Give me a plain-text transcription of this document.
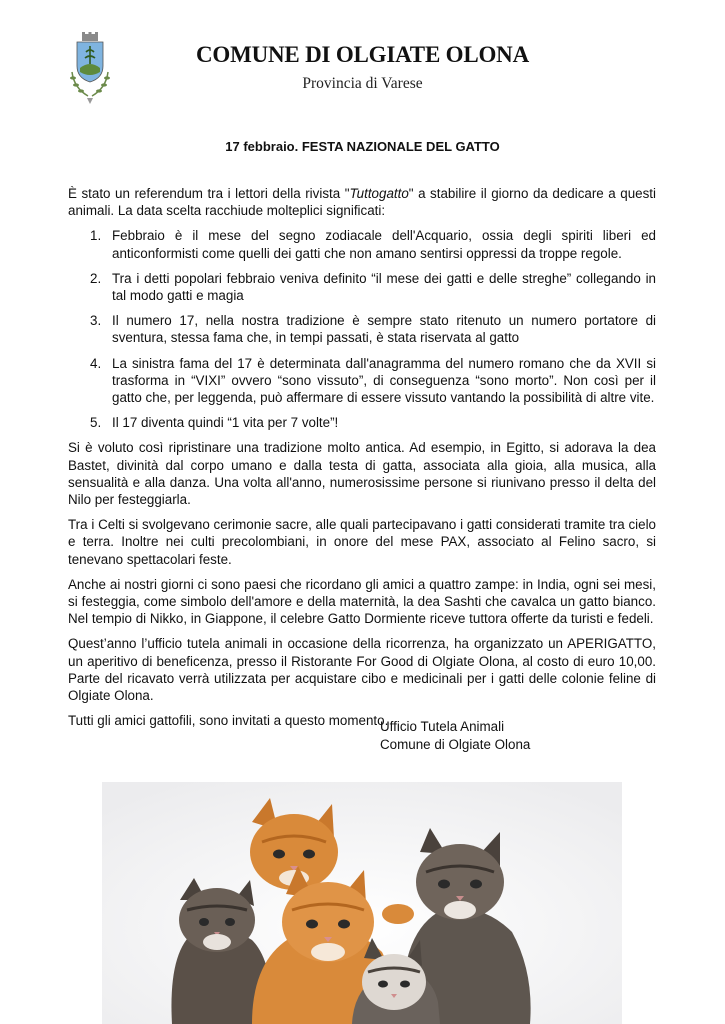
COMUNE DI OLGIATE OLONA
Provincia di Varese
17 febbraio. FESTA NAZIONALE DEL GATTO

È stato un referendum tra i lettori della rivista "Tuttogatto" a stabilire il giorno da dedicare a questi animali. La data scelta racchiude molteplici significati:

1. Febbraio è il mese del segno zodiacale dell'Acquario, ossia degli spiriti liberi ed anticonformisti come quelli dei gatti che non amano sentirsi oppressi da troppe regole.
2. Tra i detti popolari febbraio veniva definito “il mese dei gatti e delle streghe” collegando in tal modo gatti e magia
3. Il numero 17, nella nostra tradizione è sempre stato ritenuto un numero portatore di sventura, stessa fama che, in tempi passati, è stata riservata al gatto
4. La sinistra fama del 17 è determinata dall'anagramma del numero romano che da XVII si trasforma in “VIXI” ovvero “sono vissuto”, di conseguenza “sono morto”. Non così per il gatto che, per leggenda, può affermare di essere vissuto vantando la possibilità di altre vite.
5. Il 17 diventa quindi “1 vita per 7 volte”!

Si è voluto così ripristinare una tradizione molto antica. Ad esempio, in Egitto, si adorava la dea Bastet, divinità dal corpo umano e dalla testa di gatta, associata alla gioia, alla musica, alla sensualità e alla danza. Una volta all'anno, numerosissime persone si riunivano presso il delta del Nilo per festeggiarla.

Tra i Celti si svolgevano cerimonie sacre, alle quali partecipavano i gatti considerati tramite tra cielo e terra. Inoltre nei culti precolombiani, in onore del mese PAX, associato al Felino sacro, si tenevano spettacolari feste.

Anche ai nostri giorni ci sono paesi che ricordano gli amici a quattro zampe: in India, ogni sei mesi, si festeggia, come simbolo dell'amore e della maternità, la dea Sashti che cavalca un gatto bianco. Nel tempio di Nikko, in Giappone, il celebre Gatto Dormiente riceve tuttora offerte da turisti e fedeli.

Quest’anno l’ufficio tutela animali in occasione della ricorrenza, ha organizzato un APERIGATTO, un aperitivo di beneficenza, presso il Ristorante For Good di Olgiate Olona, al costo di euro 10,00. Parte del ricavato verrà utilizzata per acquistare cibo e medicinali per i gatti delle colonie feline di Olgiate Olona.

Tutti gli amici gattofili, sono invitati a questo momento.

Ufficio Tutela Animali
Comune di Olgiate Olona
